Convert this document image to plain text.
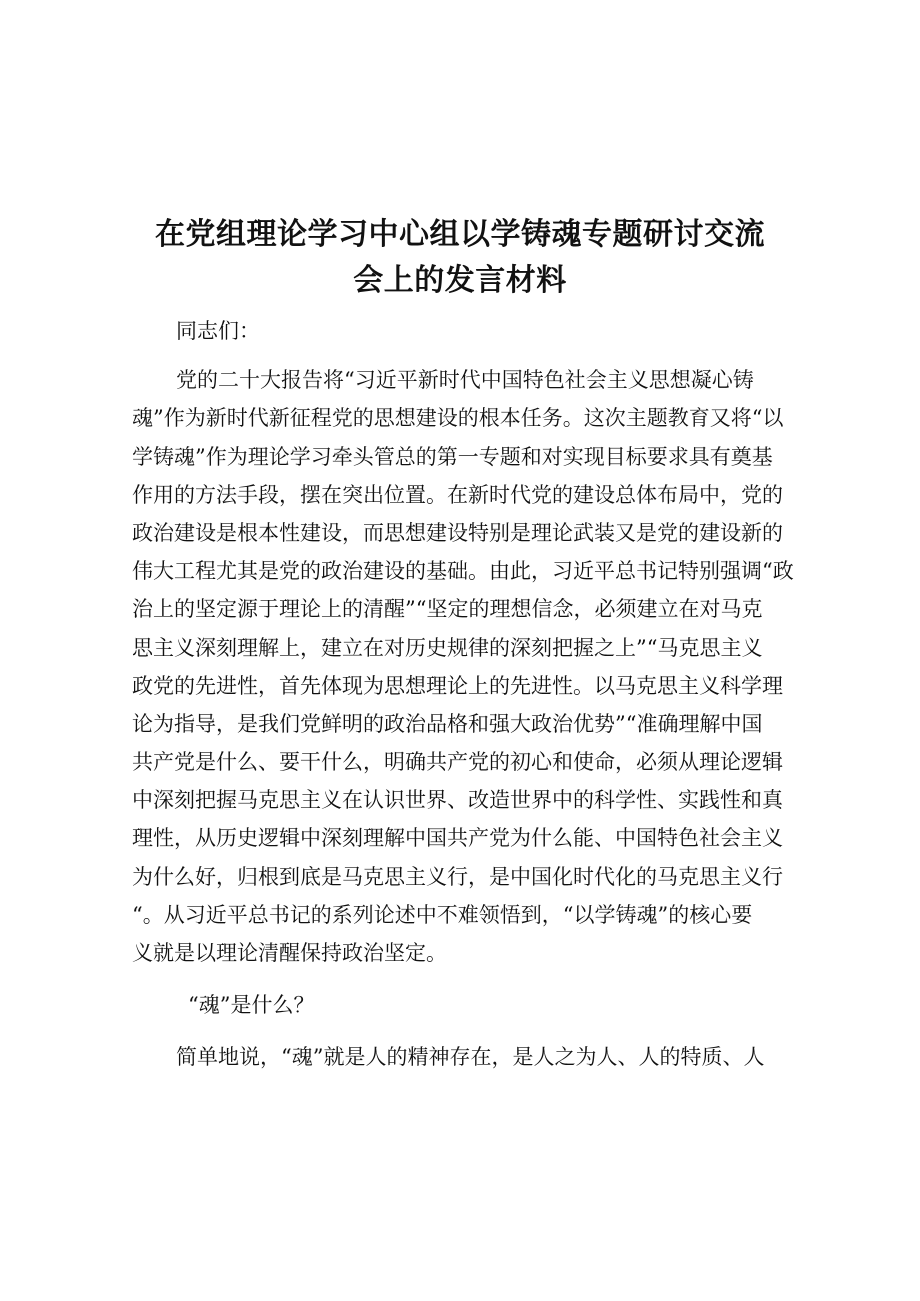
在党组理论学习中心组以学铸魂专题研讨交流
会上的发言材料
同志们：
党的二十大报告将“习近平新时代中国特色社会主义思想凝心铸
魂”作为新时代新征程党的思想建设的根本任务。这次主题教育又将“以
学铸魂”作为理论学习牵头管总的第一专题和对实现目标要求具有奠基
作用的方法手段，摆在突出位置。在新时代党的建设总体布局中，党的
政治建设是根本性建设，而思想建设特别是理论武装又是党的建设新的
伟大工程尤其是党的政治建设的基础。由此，习近平总书记特别强调“政
治上的坚定源于理论上的清醒”“坚定的理想信念，必须建立在对马克
思主义深刻理解上，建立在对历史规律的深刻把握之上”“马克思主义
政党的先进性，首先体现为思想理论上的先进性。以马克思主义科学理
论为指导，是我们党鲜明的政治品格和强大政治优势”“准确理解中国
共产党是什么、要干什么，明确共产党的初心和使命，必须从理论逻辑
中深刻把握马克思主义在认识世界、改造世界中的科学性、实践性和真
理性，从历史逻辑中深刻理解中国共产党为什么能、中国特色社会主义
为什么好，归根到底是马克思主义行，是中国化时代化的马克思主义行
“。从习近平总书记的系列论述中不难领悟到，“以学铸魂”的核心要
义就是以理论清醒保持政治坚定。
“魂”是什么？
简单地说，“魂”就是人的精神存在，是人之为人、人的特质、人
